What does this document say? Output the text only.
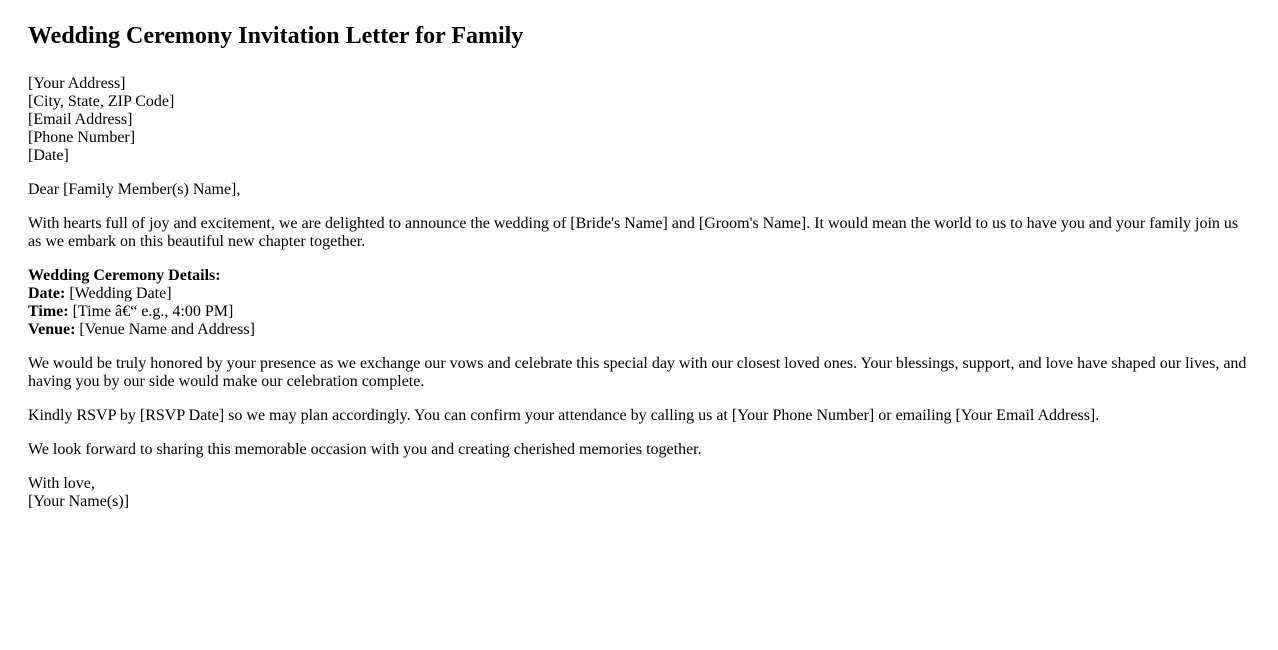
Wedding Ceremony Invitation Letter for Family

[Your Address]
[City, State, ZIP Code]
[Email Address]
[Phone Number]
[Date]

Dear [Family Member(s) Name],

With hearts full of joy and excitement, we are delighted to announce the wedding of [Bride's Name] and [Groom's Name]. It would mean the world to us to have you and your family join us as we embark on this beautiful new chapter together.

Wedding Ceremony Details:
Date: [Wedding Date]
Time: [Time â€“ e.g., 4:00 PM]
Venue: [Venue Name and Address]

We would be truly honored by your presence as we exchange our vows and celebrate this special day with our closest loved ones. Your blessings, support, and love have shaped our lives, and having you by our side would make our celebration complete.

Kindly RSVP by [RSVP Date] so we may plan accordingly. You can confirm your attendance by calling us at [Your Phone Number] or emailing [Your Email Address].

We look forward to sharing this memorable occasion with you and creating cherished memories together.

With love,
[Your Name(s)]
